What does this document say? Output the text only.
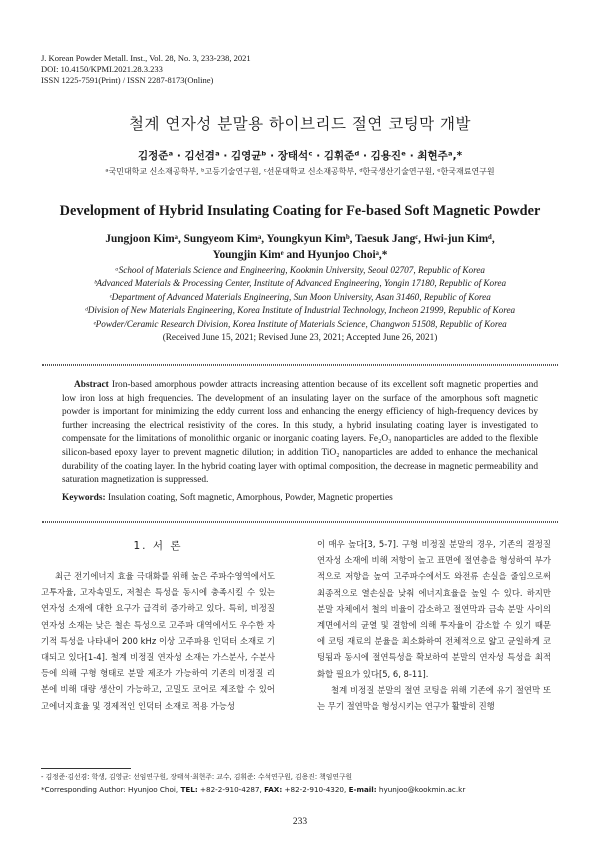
J. Korean Powder Metall. Inst., Vol. 28, No. 3, 233-238, 2021
DOI: 10.4150/KPMI.2021.28.3.233
ISSN 1225-7591(Print) / ISSN 2287-8173(Online)
철계 연자성 분말용 하이브리드 절연 코팅막 개발
김정준ᵃ · 김선겸ᵃ · 김영균ᵇ · 장태석ᶜ · 김휘준ᵈ · 김용진ᵉ · 최현주ᵃ,*
ᵃ국민대학교 신소재공학부, ᵇ고등기술연구원, ᶜ선문대학교 신소재공학부, ᵈ한국생산기술연구원, ᵉ한국재료연구원
Development of Hybrid Insulating Coating for Fe-based Soft Magnetic Powder
Jungjoon Kimᵃ, Sungyeom Kimᵃ, Youngkyun Kimᵇ, Taesuk Jangᶜ, Hwi-jun Kimᵈ,
Youngjin Kimᵉ and Hyunjoo Choiᵃ,*
ᵃSchool of Materials Science and Engineering, Kookmin University, Seoul 02707, Republic of Korea
ᵇAdvanced Materials & Processing Center, Institute of Advanced Engineering, Yongin 17180, Republic of Korea
ᶜDepartment of Advanced Materials Engineering, Sun Moon University, Asan 31460, Republic of Korea
ᵈDivision of New Materials Engineering, Korea Institute of Industrial Technology, Incheon 21999, Republic of Korea
ᵉPowder/Ceramic Research Division, Korea Institute of Materials Science, Changwon 51508, Republic of Korea
(Received June 15, 2021; Revised June 23, 2021; Accepted June 26, 2021)
Abstract Iron-based amorphous powder attracts increasing attention because of its excellent soft magnetic properties and low iron loss at high frequencies. The development of an insulating layer on the surface of the amorphous soft magnetic powder is important for minimizing the eddy current loss and enhancing the energy efficiency of high-frequency devices by further increasing the electrical resistivity of the cores. In this study, a hybrid insulating coating layer is investigated to compensate for the limitations of monolithic organic or inorganic coating layers. Fe₂O₃ nanoparticles are added to the flexible silicon-based epoxy layer to prevent magnetic dilution; in addition TiO₂ nanoparticles are added to enhance the mechanical durability of the coating layer. In the hybrid coating layer with optimal composition, the decrease in magnetic permeability and saturation magnetization is suppressed.
Keywords: Insulation coating, Soft magnetic, Amorphous, Powder, Magnetic properties
1. 서 론

최근 전기에너지 효율 극대화를 위해 높은 주파수영역에서도 고투자율, 고자속밀도, 저철손 특성을 동시에 충족시킬 수 있는 연자성 소재에 대한 요구가 급격히 증가하고 있다. 특히, 비정질 연자성 소재는 낮은 철손 특성으로 고주파 대역에서도 우수한 자기적 특성을 나타내어 200 kHz 이상 고주파용 인덕터 소재로 기대되고 있다[1-4]. 철계 비정질 연자성 소재는 가스분사, 수분사 등에 의해 구형 형태로 분말 제조가 가능하여 기존의 비정질 리본에 비해 대량 생산이 가능하고, 고밀도 코어로 제조할 수 있어 고에너지효율 및 경제적인 인덕터 소재로 적용 가능성

이 매우 높다[3, 5-7]. 구형 비정질 분말의 경우, 기존의 결정질 연자성 소재에 비해 저항이 높고 표면에 절연층을 형성하여 부가적으로 저항을 높여 고주파수에서도 와전류 손실을 줄임으로써 최종적으로 열손실을 낮춰 에너지효율을 높일 수 있다. 하지만 분말 자체에서 철의 비율이 감소하고 절연막과 금속 분말 사이의 계면에서의 균열 및 결함에 의해 투자율이 감소할 수 있기 때문에 코팅 재료의 분율을 최소화하여 전체적으로 얇고 균일하게 코팅됨과 동시에 절연특성을 확보하여 분말의 연자성 특성을 최적화할 필요가 있다[5, 6, 8-11].

철계 비정질 분말의 절연 코팅을 위해 기존에 유기 절연막 또는 무기 절연막을 형성시키는 연구가 활발히 진행

- 김정준·김선겸: 학생, 김영균: 선임연구원, 장태석·최현주: 교수, 김휘준: 수석연구원, 김용진: 책임연구원
*Corresponding Author: Hyunjoo Choi, TEL: +82-2-910-4287, FAX: +82-2-910-4320, E-mail: hyunjoo@kookmin.ac.kr
233
